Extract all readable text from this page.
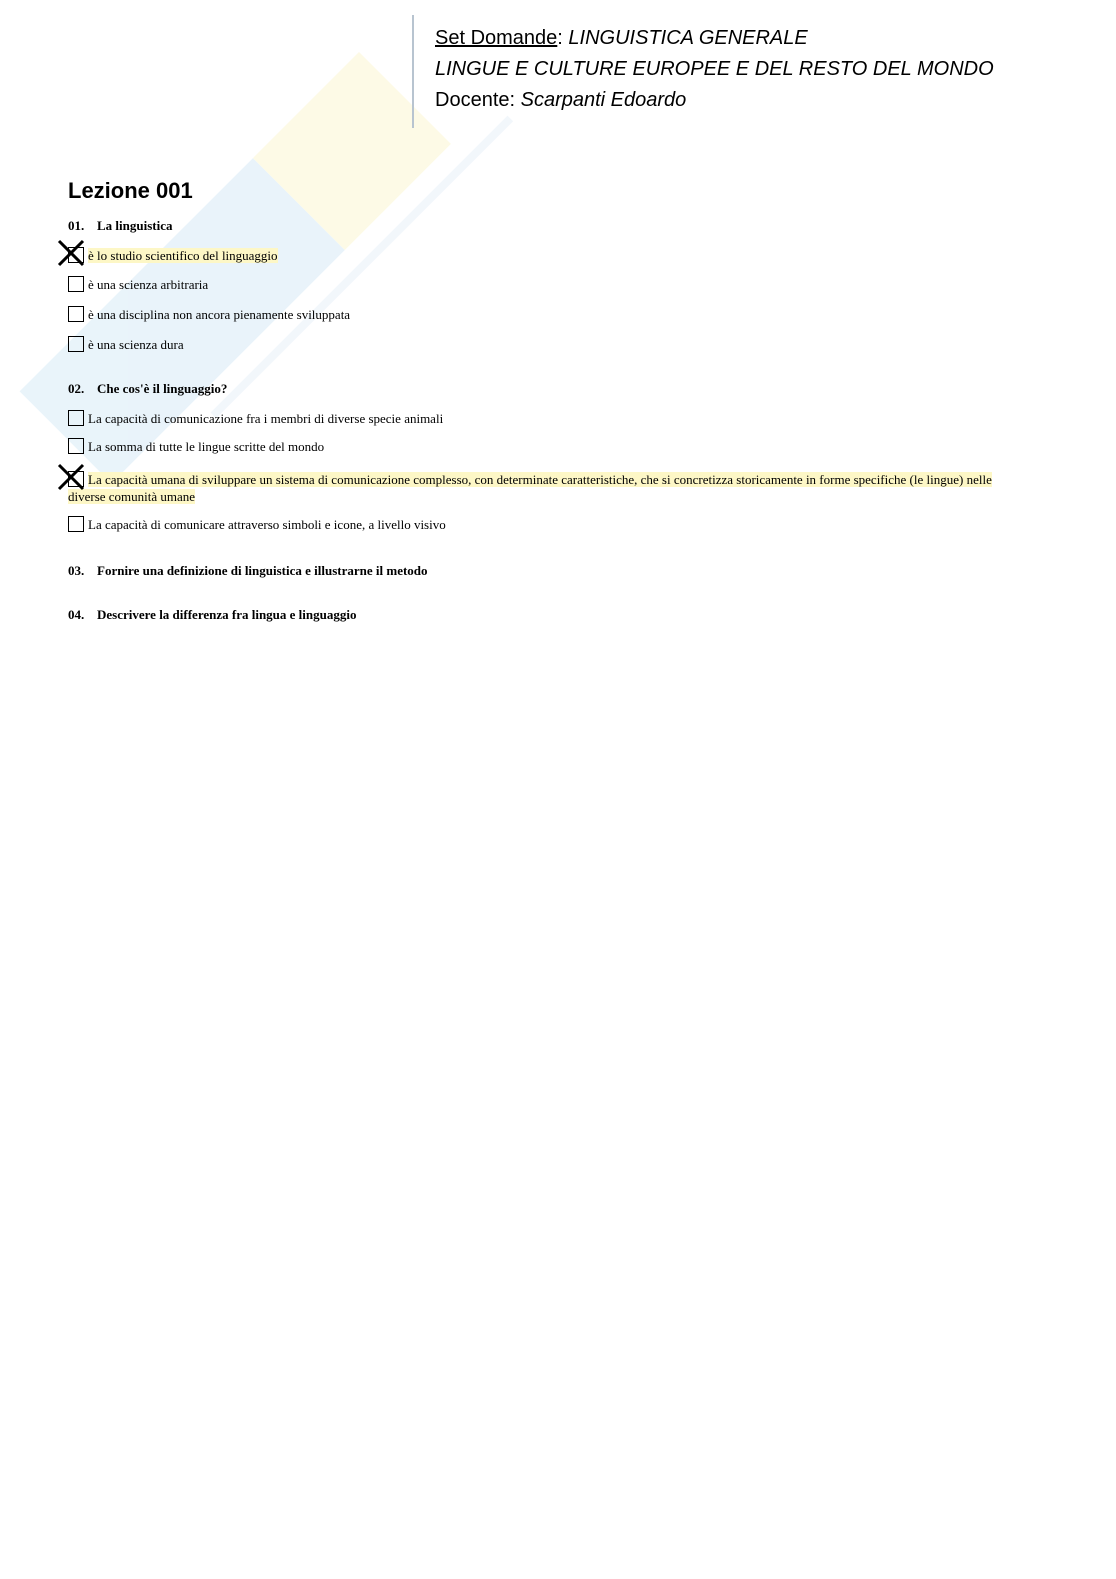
Set Domande: LINGUISTICA GENERALE
LINGUE E CULTURE EUROPEE E DEL RESTO DEL MONDO
Docente: Scarpanti Edoardo
Lezione 001
01. La linguistica
è lo studio scientifico del linguaggio
è una scienza arbitraria
è una disciplina non ancora pienamente sviluppata
è una scienza dura
02. Che cos'è il linguaggio?
La capacità di comunicazione fra i membri di diverse specie animali
La somma di tutte le lingue scritte del mondo
La capacità umana di sviluppare un sistema di comunicazione complesso, con determinate caratteristiche, che si concretizza storicamente in forme specifiche (le lingue) nelle diverse comunità umane
La capacità di comunicare attraverso simboli e icone, a livello visivo
03. Fornire una definizione di linguistica e illustrarne il metodo
04. Descrivere la differenza fra lingua e linguaggio
